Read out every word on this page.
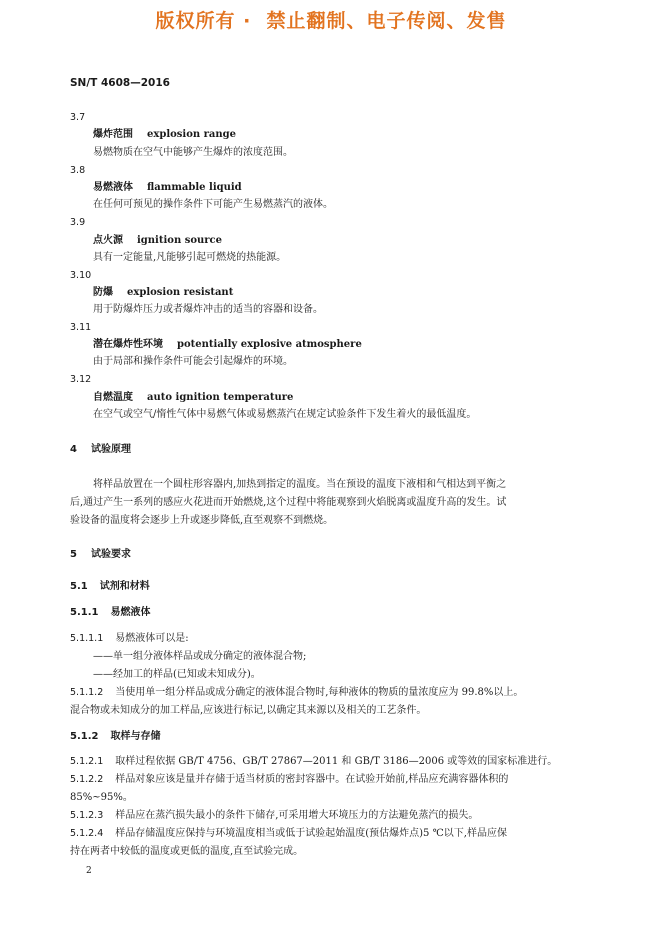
版权所有 ·  禁止翻制、电子传阅、发售
SN/T 4608—2016
3.7
爆炸范围 explosion range
易燃物质在空气中能够产生爆炸的浓度范围。
3.8
易燃液体 flammable liquid
在任何可预见的操作条件下可能产生易燃蒸汽的液体。
3.9
点火源 ignition source
具有一定能量,凡能够引起可燃烧的热能源。
3.10
防爆 explosion resistant
用于防爆炸压力或者爆炸冲击的适当的容器和设备。
3.11
潜在爆炸性环境 potentially explosive atmosphere
由于局部和操作条件可能会引起爆炸的环境。
3.12
自燃温度 auto ignition temperature
在空气或空气/惰性气体中易燃气体或易燃蒸汽在规定试验条件下发生着火的最低温度。
4 试验原理
将样品放置在一个圆柱形容器内,加热到指定的温度。当在预设的温度下液相和气相达到平衡之
后,通过产生一系列的感应火花进而开始燃烧,这个过程中将能观察到火焰脱离或温度升高的发生。试
验设备的温度将会逐步上升或逐步降低,直至观察不到燃烧。
5 试验要求
5.1 试剂和材料
5.1.1 易燃液体
5.1.1.1 易燃液体可以是:
——单一组分液体样品或成分确定的液体混合物;
——经加工的样品(已知或未知成分)。
5.1.1.2 当使用单一组分样品或成分确定的液体混合物时,每种液体的物质的量浓度应为 99.8%以上。
混合物或未知成分的加工样品,应该进行标记,以确定其来源以及相关的工艺条件。
5.1.2 取样与存储
5.1.2.1 取样过程依据 GB/T 4756、GB/T 27867—2011 和 GB/T 3186—2006 或等效的国家标准进行。
5.1.2.2 样品对象应该是量并存储于适当材质的密封容器中。在试验开始前,样品应充满容器体积的
85%~95%。
5.1.2.3 样品应在蒸汽损失最小的条件下储存,可采用增大环境压力的方法避免蒸汽的损失。
5.1.2.4 样品存储温度应保持与环境温度相当或低于试验起始温度(预估爆炸点)5 ℃以下,样品应保
持在两者中较低的温度或更低的温度,直至试验完成。
2
